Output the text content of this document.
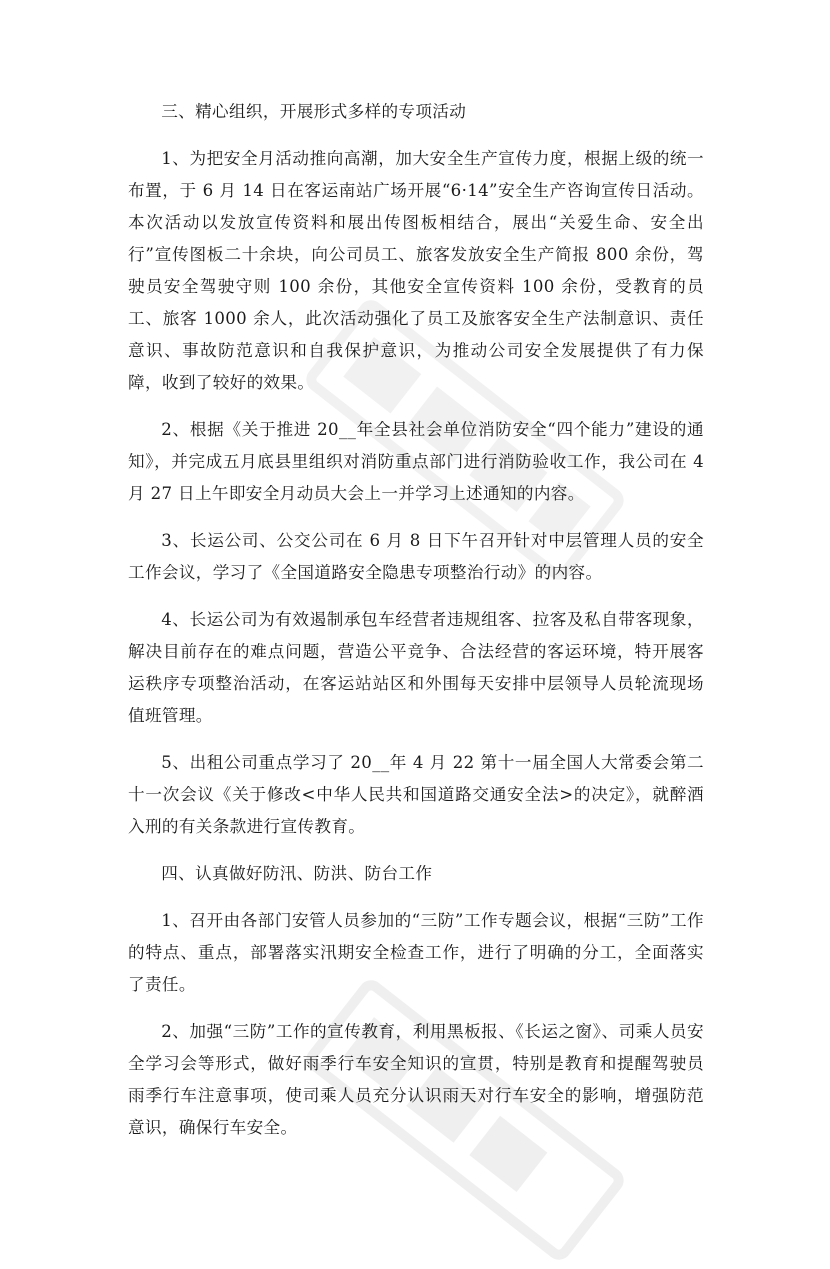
三、精心组织，开展形式多样的专项活动

1、为把安全月活动推向高潮，加大安全生产宣传力度，根据上级的统一布置，于 6 月 14 日在客运南站广场开展“6·14”安全生产咨询宣传日活动。本次活动以发放宣传资料和展出传图板相结合，展出“关爱生命、安全出行”宣传图板二十余块，向公司员工、旅客发放安全生产简报 800 余份，驾驶员安全驾驶守则 100 余份，其他安全宣传资料 100 余份，受教育的员工、旅客 1000 余人，此次活动强化了员工及旅客安全生产法制意识、责任意识、事故防范意识和自我保护意识，为推动公司安全发展提供了有力保障，收到了较好的效果。

2、根据《关于推进 20__年全县社会单位消防安全“四个能力”建设的通知》，并完成五月底县里组织对消防重点部门进行消防验收工作，我公司在 4 月 27 日上午即安全月动员大会上一并学习上述通知的内容。

3、长运公司、公交公司在 6 月 8 日下午召开针对中层管理人员的安全工作会议，学习了《全国道路安全隐患专项整治行动》的内容。

4、长运公司为有效遏制承包车经营者违规组客、拉客及私自带客现象，解决目前存在的难点问题，营造公平竞争、合法经营的客运环境，特开展客运秩序专项整治活动，在客运站站区和外围每天安排中层领导人员轮流现场值班管理。

5、出租公司重点学习了 20__年 4 月 22 第十一届全国人大常委会第二十一次会议《关于修改<中华人民共和国道路交通安全法>的决定》，就醉酒入刑的有关条款进行宣传教育。

四、认真做好防汛、防洪、防台工作

1、召开由各部门安管人员参加的“三防”工作专题会议，根据“三防”工作的特点、重点，部署落实汛期安全检查工作，进行了明确的分工，全面落实了责任。

2、加强“三防”工作的宣传教育，利用黑板报、《长运之窗》、司乘人员安全学习会等形式，做好雨季行车安全知识的宣贯，特别是教育和提醒驾驶员雨季行车注意事项，使司乘人员充分认识雨天对行车安全的影响，增强防范意识，确保行车安全。
